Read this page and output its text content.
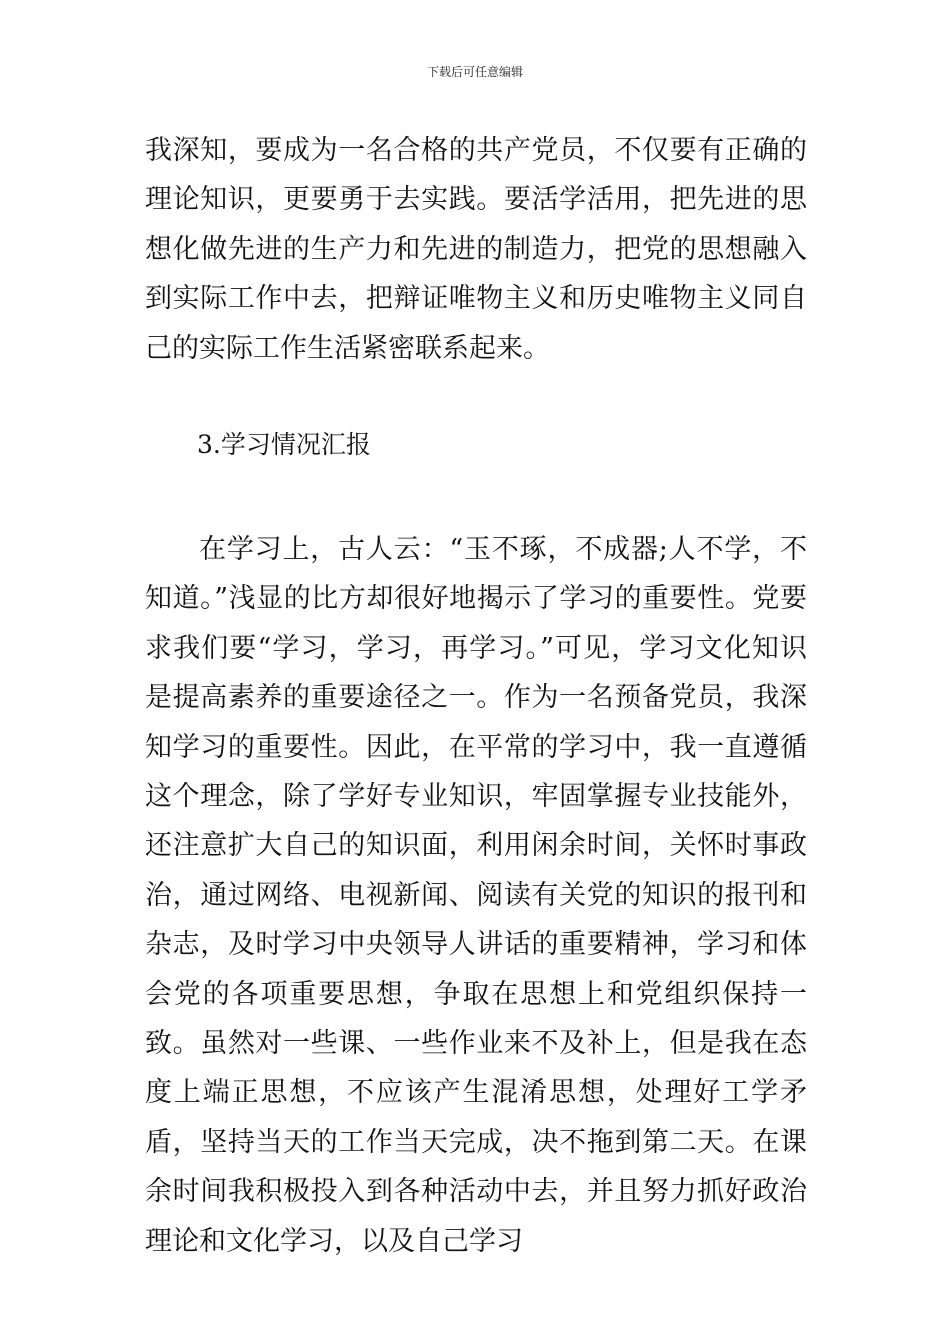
下载后可任意编辑

我深知，要成为一名合格的共产党员，不仅要有正确的理论知识，更要勇于去实践。要活学活用，把先进的思想化做先进的生产力和先进的制造力，把党的思想融入到实际工作中去，把辩证唯物主义和历史唯物主义同自己的实际工作生活紧密联系起来。

3.学习情况汇报

在学习上，古人云：“玉不琢，不成器;人不学，不知道。”浅显的比方却很好地揭示了学习的重要性。党要求我们要“学习，学习，再学习。”可见，学习文化知识是提高素养的重要途径之一。作为一名预备党员，我深知学习的重要性。因此，在平常的学习中，我一直遵循这个理念，除了学好专业知识，牢固掌握专业技能外，还注意扩大自己的知识面，利用闲余时间，关怀时事政治，通过网络、电视新闻、阅读有关党的知识的报刊和杂志，及时学习中央领导人讲话的重要精神，学习和体会党的各项重要思想，争取在思想上和党组织保持一致。虽然对一些课、一些作业来不及补上，但是我在态度上端正思想，不应该产生混淆思想，处理好工学矛盾，坚持当天的工作当天完成，决不拖到第二天。在课余时间我积极投入到各种活动中去，并且努力抓好政治理论和文化学习，以及自己学习
